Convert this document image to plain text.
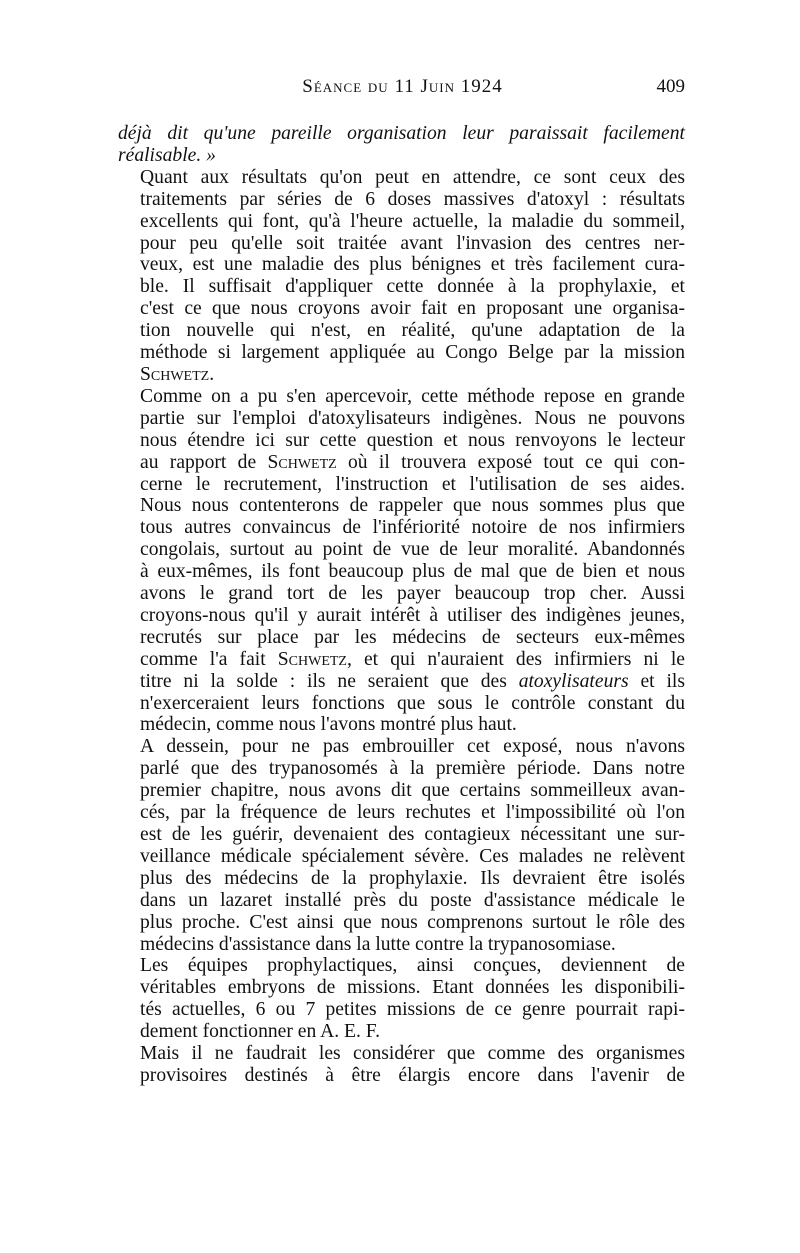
Séance du 11 Juin 1924	409

déjà dit qu'une pareille organisation leur paraissait facilement
réalisable. »

Quant aux résultats qu'on peut en attendre, ce sont ceux des
traitements par séries de 6 doses massives d'atoxyl : résultats
excellents qui font, qu'à l'heure actuelle, la maladie du sommeil,
pour peu qu'elle soit traitée avant l'invasion des centres ner-
veux, est une maladie des plus bénignes et très facilement cura-
ble. Il suffisait d'appliquer cette donnée à la prophylaxie, et
c'est ce que nous croyons avoir fait en proposant une organisa-
tion nouvelle qui n'est, en réalité, qu'une adaptation de la
méthode si largement appliquée au Congo Belge par la mission
Schwetz.

Comme on a pu s'en apercevoir, cette méthode repose en grande
partie sur l'emploi d'atoxylisateurs indigènes. Nous ne pouvons
nous étendre ici sur cette question et nous renvoyons le lecteur
au rapport de Schwetz où il trouvera exposé tout ce qui con-
cerne le recrutement, l'instruction et l'utilisation de ses aides.
Nous nous contenterons de rappeler que nous sommes plus que
tous autres convaincus de l'infériorité notoire de nos infirmiers
congolais, surtout au point de vue de leur moralité. Abandonnés
à eux-mêmes, ils font beaucoup plus de mal que de bien et nous
avons le grand tort de les payer beaucoup trop cher. Aussi
croyons-nous qu'il y aurait intérêt à utiliser des indigènes jeunes,
recrutés sur place par les médecins de secteurs eux-mêmes
comme l'a fait Schwetz, et qui n'auraient des infirmiers ni le
titre ni la solde : ils ne seraient que des atoxylisateurs et ils
n'exerceraient leurs fonctions que sous le contrôle constant du
médecin, comme nous l'avons montré plus haut.

A dessein, pour ne pas embrouiller cet exposé, nous n'avons
parlé que des trypanosomés à la première période. Dans notre
premier chapitre, nous avons dit que certains sommeilleux avan-
cés, par la fréquence de leurs rechutes et l'impossibilité où l'on
est de les guérir, devenaient des contagieux nécessitant une sur-
veillance médicale spécialement sévère. Ces malades ne relèvent
plus des médecins de la prophylaxie. Ils devraient être isolés
dans un lazaret installé près du poste d'assistance médicale le
plus proche. C'est ainsi que nous comprenons surtout le rôle des
médecins d'assistance dans la lutte contre la trypanosomiase.

Les équipes prophylactiques, ainsi conçues, deviennent de
véritables embryons de missions. Etant données les disponibili-
tés actuelles, 6 ou 7 petites missions de ce genre pourrait rapi-
dement fonctionner en A. E. F.

Mais il ne faudrait les considérer que comme des organismes
provisoires destinés à être élargis encore dans l'avenir de
